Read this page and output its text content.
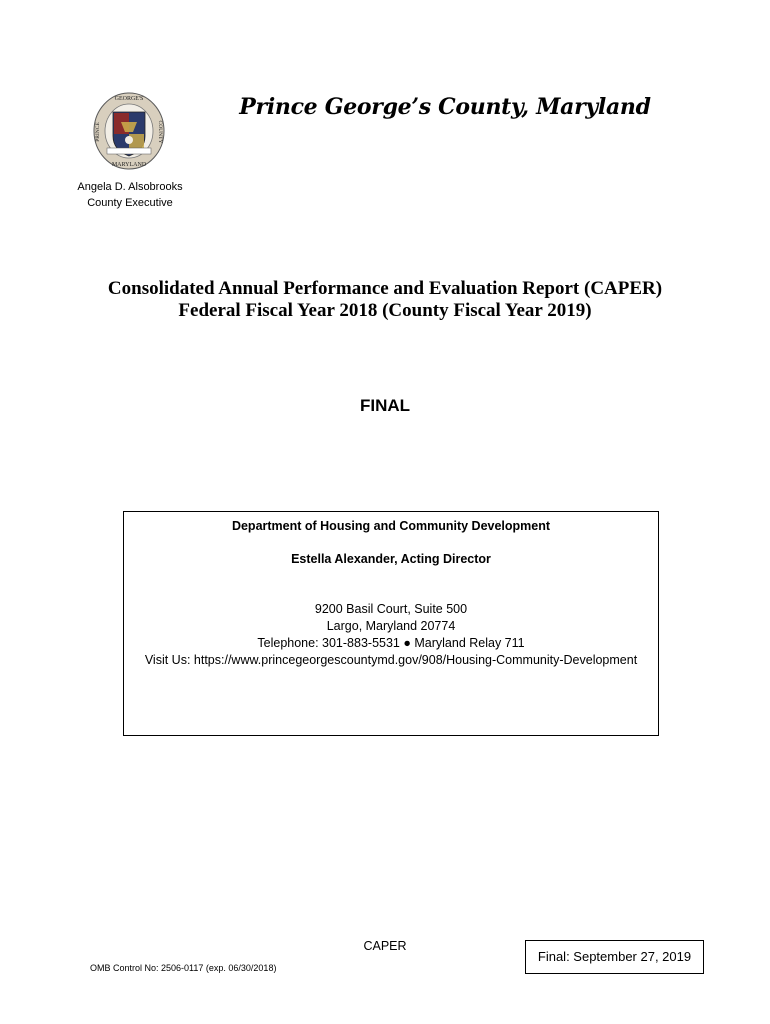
GEORGE'S
PRINCE	COUNTY
MARYLAND
Prince George’s County, Maryland
Angela D. Alsobrooks
County Executive
Consolidated Annual Performance and Evaluation Report (CAPER)
Federal Fiscal Year 2018 (County Fiscal Year 2019)
FINAL
Department of Housing and Community Development
Estella Alexander, Acting Director
9200 Basil Court, Suite 500
Largo, Maryland 20774
Telephone: 301-883-5531 ● Maryland Relay 711
Visit Us: https://www.princegeorgescountymd.gov/908/Housing-Community-Development
CAPER
Final: September 27, 2019
OMB Control No: 2506-0117 (exp. 06/30/2018)
